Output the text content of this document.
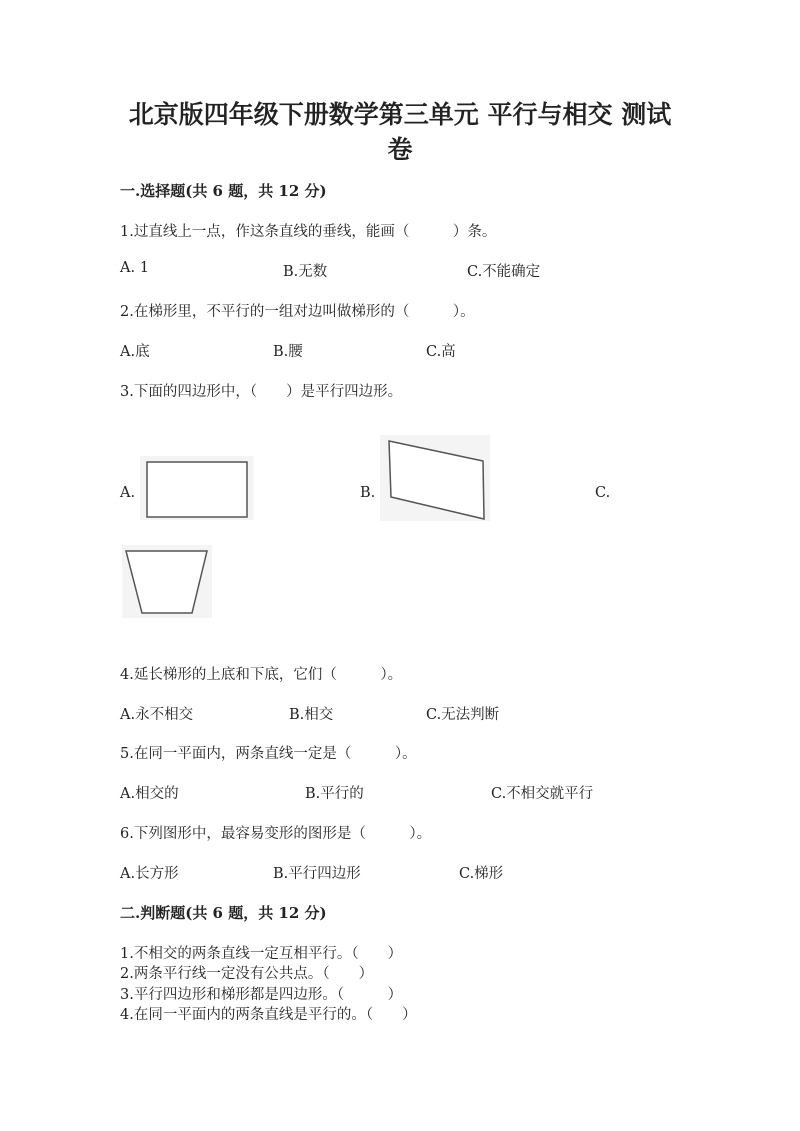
北京版四年级下册数学第三单元 平行与相交 测试
卷
一.选择题(共 6 题，共 12 分)
1.过直线上一点，作这条直线的垂线，能画（　　　）条。
A. 1	B.无数	C.不能确定
2.在梯形里，不平行的一组对边叫做梯形的（　　　）。
A.底	B.腰	C.高
3.下面的四边形中，（　　）是平行四边形。
A.	B.	C.
4.延长梯形的上底和下底，它们（　　　）。
A.永不相交	B.相交	C.无法判断
5.在同一平面内，两条直线一定是（　　　）。
A.相交的	B.平行的	C.不相交就平行
6.下列图形中，最容易变形的图形是（　　　）。
A.长方形	B.平行四边形	C.梯形
二.判断题(共 6 题，共 12 分)
1.不相交的两条直线一定互相平行。（　　）
2.两条平行线一定没有公共点。（　　）
3.平行四边形和梯形都是四边形。（　　　）
4.在同一平面内的两条直线是平行的。（　　）
